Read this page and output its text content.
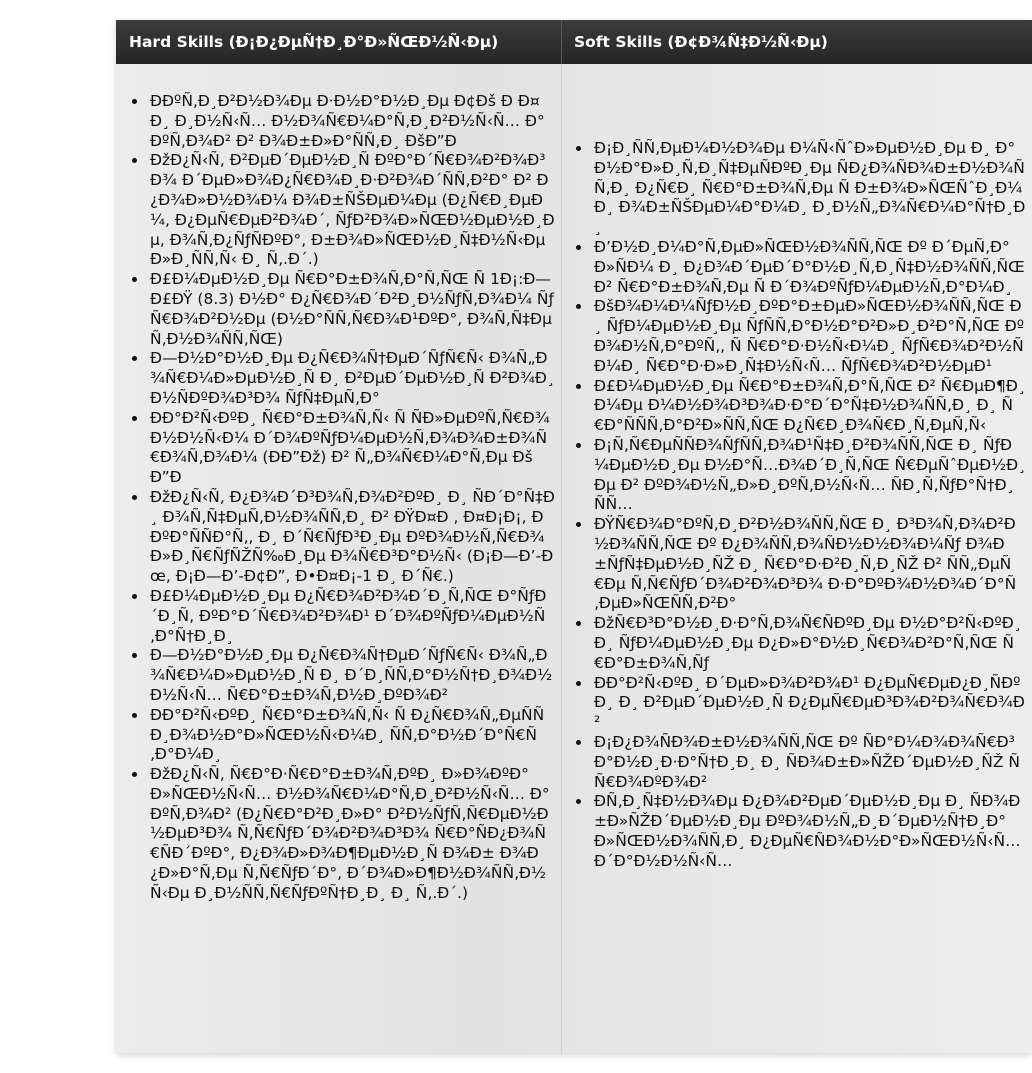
Hard Skills (Ð¡Ð¿ÐµÑ†Ð¸Ð°Ð»ÑŒÐ½Ñ‹Ðµ)	Soft Skills (Ð¢Ð¾Ñ‡Ð½Ñ‹Ðµ)
• ÐÐºÑ‚Ð¸Ð²Ð½Ð¾Ðµ Ð·Ð½Ð°Ð½Ð¸Ðµ Ð¢Ðš Ð Ð¤ Ð¸ Ð¸Ð½Ñ‹Ñ… Ð½Ð¾Ñ€Ð¼Ð°Ñ‚Ð¸Ð²Ð½Ñ‹Ñ… Ð°ÐºÑ‚Ð¾Ð² Ð² Ð¾Ð±Ð»Ð°ÑÑ‚Ð¸ ÐšÐ”Ð
• ÐžÐ¿Ñ‹Ñ‚ Ð²ÐµÐ´ÐµÐ½Ð¸Ñ ÐºÐ°Ð´Ñ€Ð¾Ð²Ð¾Ð³Ð¾ Ð´ÐµÐ»Ð¾Ð¿Ñ€Ð¾Ð¸Ð·Ð²Ð¾Ð´ÑÑ‚Ð²Ð° Ð² Ð¿Ð¾Ð»Ð½Ð¾Ð¼ Ð¾Ð±ÑŠÐµÐ¼Ðµ (Ð¿Ñ€Ð¸ÐµÐ¼, Ð¿ÐµÑ€ÐµÐ²Ð¾Ð´, ÑƒÐ²Ð¾Ð»ÑŒÐ½ÐµÐ½Ð¸Ðµ, Ð¾Ñ‚Ð¿ÑƒÑÐºÐ°, Ð±Ð¾Ð»ÑŒÐ½Ð¸Ñ‡Ð½Ñ‹Ðµ Ð»Ð¸ÑÑ‚Ñ‹ Ð¸ Ñ‚.Ð´.)
• Ð£Ð¼ÐµÐ½Ð¸Ðµ Ñ€Ð°Ð±Ð¾Ñ‚Ð°Ñ‚ÑŒ Ñ 1Ð¡:Ð—Ð£ÐŸ (8.3) Ð½Ð° Ð¿Ñ€Ð¾Ð´Ð²Ð¸Ð½ÑƒÑ‚Ð¾Ð¼ ÑƒÑ€Ð¾Ð²Ð½Ðµ (Ð½Ð°ÑÑ‚Ñ€Ð¾Ð¹ÐºÐ°, Ð¾Ñ‚Ñ‡ÐµÑ‚Ð½Ð¾ÑÑ‚ÑŒ)
• Ð—Ð½Ð°Ð½Ð¸Ðµ Ð¿Ñ€Ð¾Ñ†ÐµÐ´ÑƒÑ€Ñ‹ Ð¾Ñ„Ð¾Ñ€Ð¼Ð»ÐµÐ½Ð¸Ñ Ð¸ Ð²ÐµÐ´ÐµÐ½Ð¸Ñ Ð²Ð¾Ð¸Ð½ÑÐºÐ¾Ð³Ð¾ ÑƒÑ‡ÐµÑ‚Ð°
• ÐÐ°Ð²Ñ‹ÐºÐ¸ Ñ€Ð°Ð±Ð¾Ñ‚Ñ‹ Ñ ÑÐ»ÐµÐºÑ‚Ñ€Ð¾Ð½Ð½Ñ‹Ð¼ Ð´Ð¾ÐºÑƒÐ¼ÐµÐ½Ñ‚Ð¾Ð¾Ð±Ð¾Ñ€Ð¾Ñ‚Ð¾Ð¼ (ÐÐ”Ðž) Ð² Ñ„Ð¾Ñ€Ð¼Ð°Ñ‚Ðµ ÐšÐ”Ð
• ÐžÐ¿Ñ‹Ñ‚ Ð¿Ð¾Ð´Ð³Ð¾Ñ‚Ð¾Ð²ÐºÐ¸ Ð¸ ÑÐ´Ð°Ñ‡Ð¸ Ð¾Ñ‚Ñ‡ÐµÑ‚Ð½Ð¾ÑÑ‚Ð¸ Ð² ÐŸÐ¤Ð , Ð¤Ð¡Ð¡, Ð ÐºÐ°ÑÑÐ°Ñ‚, Ð¸ Ð´Ñ€ÑƒÐ³Ð¸Ðµ ÐºÐ¾Ð½Ñ‚Ñ€Ð¾Ð»Ð¸Ñ€ÑƒÑŽÑ‰Ð¸Ðµ Ð¾Ñ€Ð³Ð°Ð½Ñ‹ (Ð¡Ð—Ð’-Ðœ, Ð¡Ð—Ð’-Ð¢Ð”, Ð•Ð¤Ð¡-1 Ð¸ Ð´Ñ€.)
• Ð£Ð¼ÐµÐ½Ð¸Ðµ Ð¿Ñ€Ð¾Ð²Ð¾Ð´Ð¸Ñ‚ÑŒ Ð°ÑƒÐ´Ð¸Ñ‚ ÐºÐ°Ð´Ñ€Ð¾Ð²Ð¾Ð¹ Ð´Ð¾ÐºÑƒÐ¼ÐµÐ½Ñ‚Ð°Ñ†Ð¸Ð¸
• Ð—Ð½Ð°Ð½Ð¸Ðµ Ð¿Ñ€Ð¾Ñ†ÐµÐ´ÑƒÑ€Ñ‹ Ð¾Ñ„Ð¾Ñ€Ð¼Ð»ÐµÐ½Ð¸Ñ Ð¸ Ð´Ð¸ÑÑ‚Ð°Ð½Ñ†Ð¸Ð¾Ð½Ð½Ñ‹Ñ… Ñ€Ð°Ð±Ð¾Ñ‚Ð½Ð¸ÐºÐ¾Ð²
• ÐÐ°Ð²Ñ‹ÐºÐ¸ Ñ€Ð°Ð±Ð¾Ñ‚Ñ‹ Ñ Ð¿Ñ€Ð¾Ñ„ÐµÑÑ Ð¸Ð¾Ð½Ð°Ð»ÑŒÐ½Ñ‹Ð¼Ð¸ ÑÑ‚Ð°Ð½Ð´Ð°Ñ€Ñ‚Ð°Ð¼Ð¸
• ÐžÐ¿Ñ‹Ñ‚ Ñ€Ð°Ð·Ñ€Ð°Ð±Ð¾Ñ‚ÐºÐ¸ Ð»Ð¾ÐºÐ°Ð»ÑŒÐ½Ñ‹Ñ… Ð½Ð¾Ñ€Ð¼Ð°Ñ‚Ð¸Ð²Ð½Ñ‹Ñ… Ð°ÐºÑ‚Ð¾Ð² (Ð¿Ñ€Ð°Ð²Ð¸Ð»Ð° Ð²Ð½ÑƒÑ‚Ñ€ÐµÐ½Ð½ÐµÐ³Ð¾ Ñ‚Ñ€ÑƒÐ´Ð¾Ð²Ð¾Ð³Ð¾ Ñ€Ð°ÑÐ¿Ð¾Ñ€ÑÐ´ÐºÐ°, Ð¿Ð¾Ð»Ð¾Ð¶ÐµÐ½Ð¸Ñ Ð¾Ð± Ð¾Ð¿Ð»Ð°Ñ‚Ðµ Ñ‚Ñ€ÑƒÐ´Ð°, Ð´Ð¾Ð»Ð¶Ð½Ð¾ÑÑ‚Ð½Ñ‹Ðµ Ð¸Ð½ÑÑ‚Ñ€ÑƒÐºÑ†Ð¸Ð¸ Ð¸ Ñ‚.Ð´.)
• Ð¡Ð¸ÑÑ‚ÐµÐ¼Ð½Ð¾Ðµ Ð¼Ñ‹ÑˆÐ»ÐµÐ½Ð¸Ðµ Ð¸ Ð°Ð½Ð°Ð»Ð¸Ñ‚Ð¸Ñ‡ÐµÑÐºÐ¸Ðµ ÑÐ¿Ð¾ÑÐ¾Ð±Ð½Ð¾ÑÑ‚Ð¸ Ð¿Ñ€Ð¸ Ñ€Ð°Ð±Ð¾Ñ‚Ðµ Ñ Ð±Ð¾Ð»ÑŒÑˆÐ¸Ð¼Ð¸ Ð¾Ð±ÑŠÐµÐ¼Ð°Ð¼Ð¸ Ð¸Ð½Ñ„Ð¾Ñ€Ð¼Ð°Ñ†Ð¸Ð¸
• Ð’Ð½Ð¸Ð¼Ð°Ñ‚ÐµÐ»ÑŒÐ½Ð¾ÑÑ‚ÑŒ Ðº Ð´ÐµÑ‚Ð°Ð»ÑÐ¼ Ð¸ Ð¿Ð¾Ð´ÐµÐ´Ð°Ð½Ð¸Ñ‚Ð¸Ñ‡Ð½Ð¾ÑÑ‚ÑŒ Ð² Ñ€Ð°Ð±Ð¾Ñ‚Ðµ Ñ Ð´Ð¾ÐºÑƒÐ¼ÐµÐ½Ñ‚Ð°Ð¼Ð¸
• ÐšÐ¾Ð¼Ð¼ÑƒÐ½Ð¸ÐºÐ°Ð±ÐµÐ»ÑŒÐ½Ð¾ÑÑ‚ÑŒ Ð¸ ÑƒÐ¼ÐµÐ½Ð¸Ðµ ÑƒÑÑ‚Ð°Ð½Ð°Ð²Ð»Ð¸Ð²Ð°Ñ‚ÑŒ ÐºÐ¾Ð½Ñ‚Ð°ÐºÑ‚, Ñ Ñ€Ð°Ð·Ð½Ñ‹Ð¼Ð¸ ÑƒÑ€Ð¾Ð²Ð½ÑÐ¼Ð¸ Ñ€Ð°Ð·Ð»Ð¸Ñ‡Ð½Ñ‹Ñ… ÑƒÑ€Ð¾Ð²Ð½ÐµÐ¹
• Ð£Ð¼ÐµÐ½Ð¸Ðµ Ñ€Ð°Ð±Ð¾Ñ‚Ð°Ñ‚ÑŒ Ð² Ñ€ÐµÐ¶Ð¸Ð¼Ðµ Ð¼Ð½Ð¾Ð³Ð¾Ð·Ð°Ð´Ð°Ñ‡Ð½Ð¾ÑÑ‚Ð¸ Ð¸ Ñ€Ð°ÑÑÑ‚Ð°Ð²Ð»ÑÑ‚ÑŒ Ð¿Ñ€Ð¸Ð¾Ñ€Ð¸Ñ‚ÐµÑ‚Ñ‹
• Ð¡Ñ‚Ñ€ÐµÑÑÐ¾ÑƒÑÑ‚Ð¾Ð¹Ñ‡Ð¸Ð²Ð¾ÑÑ‚ÑŒ Ð¸ ÑƒÐ¼ÐµÐ½Ð¸Ðµ Ð½Ð°Ñ…Ð¾Ð´Ð¸Ñ‚ÑŒ Ñ€ÐµÑˆÐµÐ½Ð¸Ðµ Ð² ÐºÐ¾Ð½Ñ„Ð»Ð¸ÐºÑ‚Ð½Ñ‹Ñ… ÑÐ¸Ñ‚ÑƒÐ°Ñ†Ð¸ÑÑ…
• ÐŸÑ€Ð¾Ð°ÐºÑ‚Ð¸Ð²Ð½Ð¾ÑÑ‚ÑŒ Ð¸ Ð³Ð¾Ñ‚Ð¾Ð²Ð½Ð¾ÑÑ‚ÑŒ Ðº Ð¿Ð¾ÑÑ‚Ð¾ÑÐ½Ð½Ð¾Ð¼Ñƒ Ð¾Ð±ÑƒÑ‡ÐµÐ½Ð¸ÑŽ Ð¸ Ñ€Ð°Ð·Ð²Ð¸Ñ‚Ð¸ÑŽ Ð² ÑÑ„ÐµÑ€Ðµ Ñ‚Ñ€ÑƒÐ´Ð¾Ð²Ð¾Ð³Ð¾ Ð·Ð°ÐºÐ¾Ð½Ð¾Ð´Ð°Ñ‚ÐµÐ»ÑŒÑÑ‚Ð²Ð°
• ÐžÑ€Ð³Ð°Ð½Ð¸Ð·Ð°Ñ‚Ð¾Ñ€ÑÐºÐ¸Ðµ Ð½Ð°Ð²Ñ‹ÐºÐ¸ Ð¸ ÑƒÐ¼ÐµÐ½Ð¸Ðµ Ð¿Ð»Ð°Ð½Ð¸Ñ€Ð¾Ð²Ð°Ñ‚ÑŒ Ñ€Ð°Ð±Ð¾Ñ‚Ñƒ
• ÐÐ°Ð²Ñ‹ÐºÐ¸ Ð´ÐµÐ»Ð¾Ð²Ð¾Ð¹ Ð¿ÐµÑ€ÐµÐ¿Ð¸ÑÐºÐ¸ Ð¸ Ð²ÐµÐ´ÐµÐ½Ð¸Ñ Ð¿ÐµÑ€ÐµÐ³Ð¾Ð²Ð¾Ñ€Ð¾Ð²
• Ð¡Ð¿Ð¾ÑÐ¾Ð±Ð½Ð¾ÑÑ‚ÑŒ Ðº ÑÐ°Ð¼Ð¾Ð¾Ñ€Ð³Ð°Ð½Ð¸Ð·Ð°Ñ†Ð¸Ð¸ Ð¸ ÑÐ¾Ð±Ð»ÑŽÐ´ÐµÐ½Ð¸ÑŽ ÑÑ€Ð¾ÐºÐ¾Ð²
• ÐÑ‚Ð¸Ñ‡Ð½Ð¾Ðµ Ð¿Ð¾Ð²ÐµÐ´ÐµÐ½Ð¸Ðµ Ð¸ ÑÐ¾Ð±Ð»ÑŽÐ´ÐµÐ½Ð¸Ðµ ÐºÐ¾Ð½Ñ„Ð¸Ð´ÐµÐ½Ñ†Ð¸Ð°Ð»ÑŒÐ½Ð¾ÑÑ‚Ð¸ Ð¿ÐµÑ€ÑÐ¾Ð½Ð°Ð»ÑŒÐ½Ñ‹Ñ… Ð´Ð°Ð½Ð½Ñ‹Ñ…
